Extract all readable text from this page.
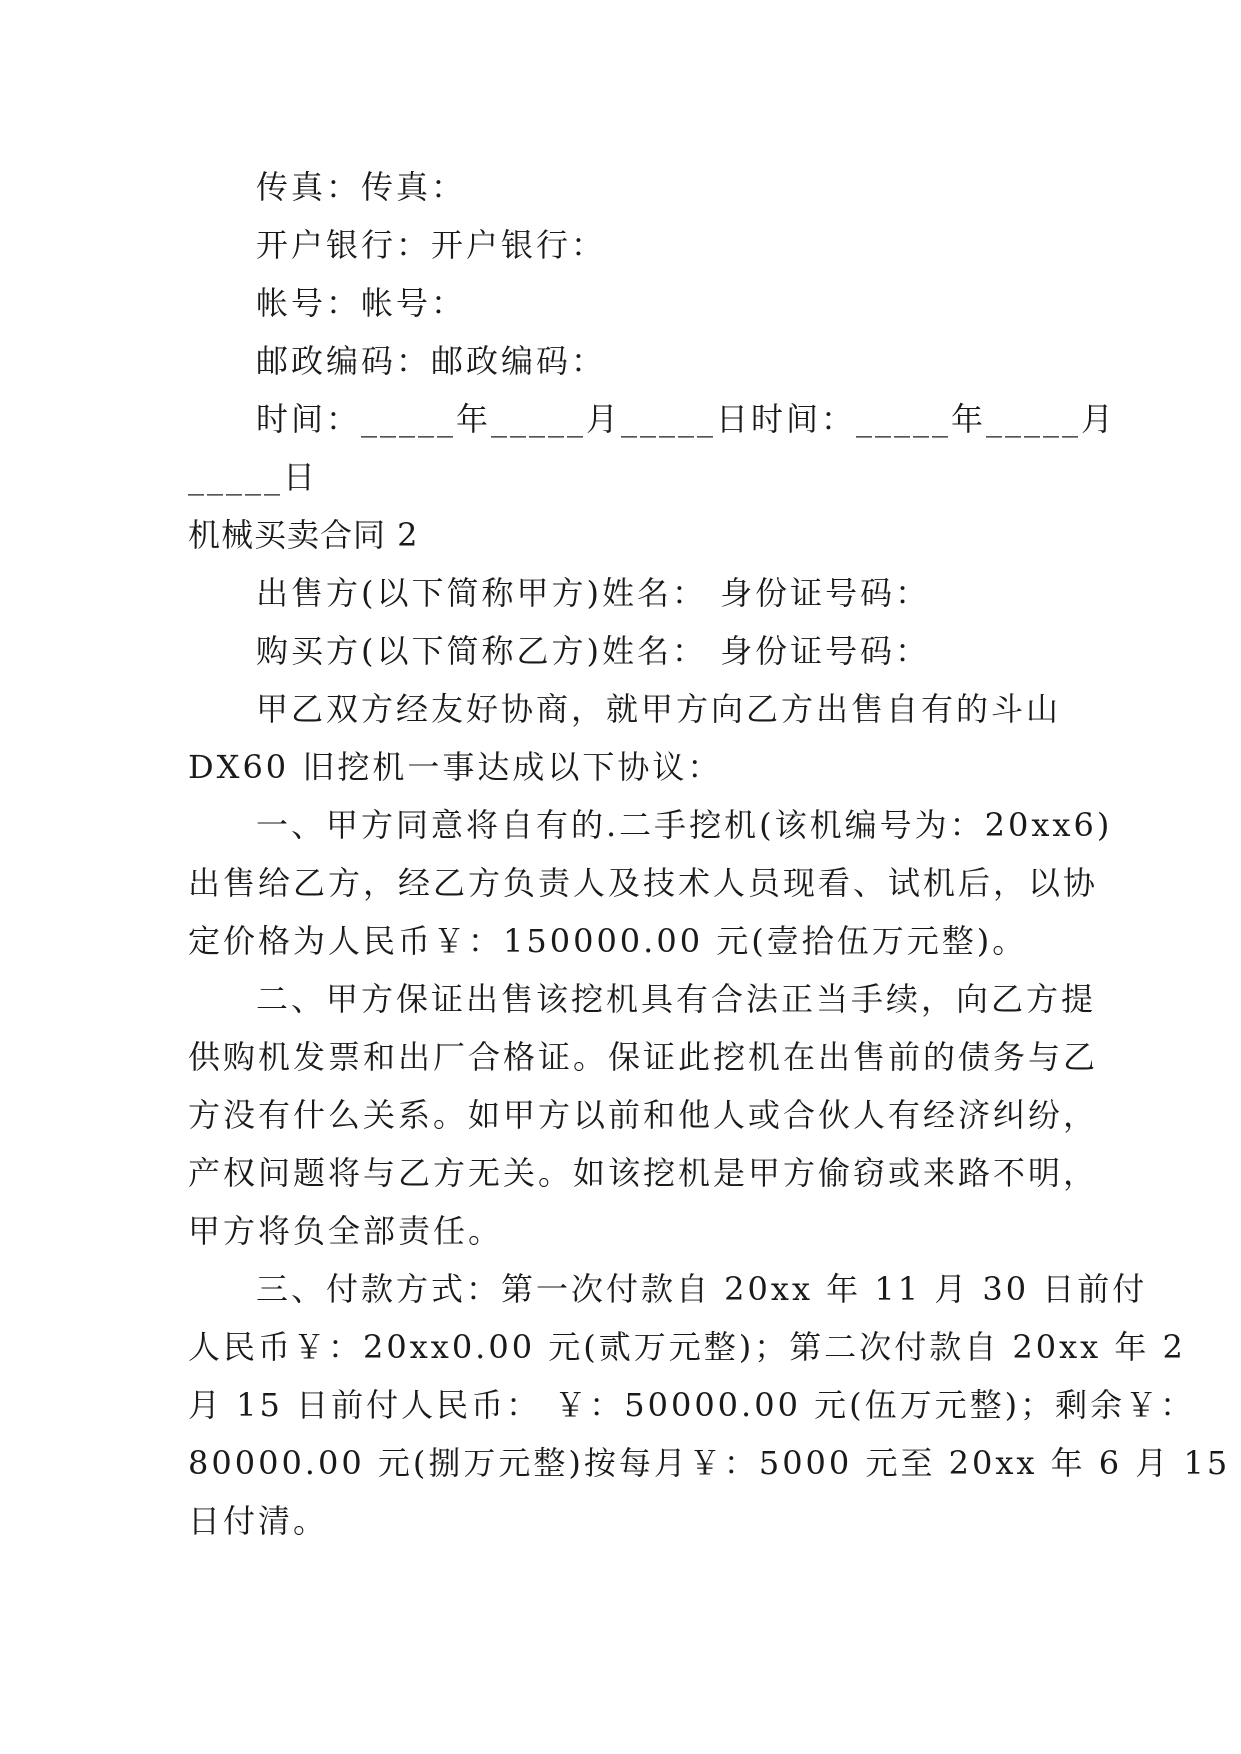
传真：传真：
开户银行：开户银行：
帐号：帐号：
邮政编码：邮政编码：
时间：_____年_____月_____日时间：_____年_____月
_____日
机械买卖合同 2
出售方(以下简称甲方)姓名： 身份证号码：
购买方(以下简称乙方)姓名： 身份证号码：
甲乙双方经友好协商，就甲方向乙方出售自有的斗山
DX60 旧挖机一事达成以下协议：
一、甲方同意将自有的.二手挖机(该机编号为：20xx6)
出售给乙方，经乙方负责人及技术人员现看、试机后，以协
定价格为人民币￥：150000.00 元(壹拾伍万元整)。
二、甲方保证出售该挖机具有合法正当手续，向乙方提
供购机发票和出厂合格证。保证此挖机在出售前的债务与乙
方没有什么关系。如甲方以前和他人或合伙人有经济纠纷，
产权问题将与乙方无关。如该挖机是甲方偷窃或来路不明，
甲方将负全部责任。
三、付款方式：第一次付款自 20xx 年 11 月 30 日前付
人民币￥：20xx0.00 元(贰万元整)；第二次付款自 20xx 年 2
月 15 日前付人民币： ￥：50000.00 元(伍万元整)；剩余￥：
80000.00 元(捌万元整)按每月￥：5000 元至 20xx 年 6 月 15
日付清。
